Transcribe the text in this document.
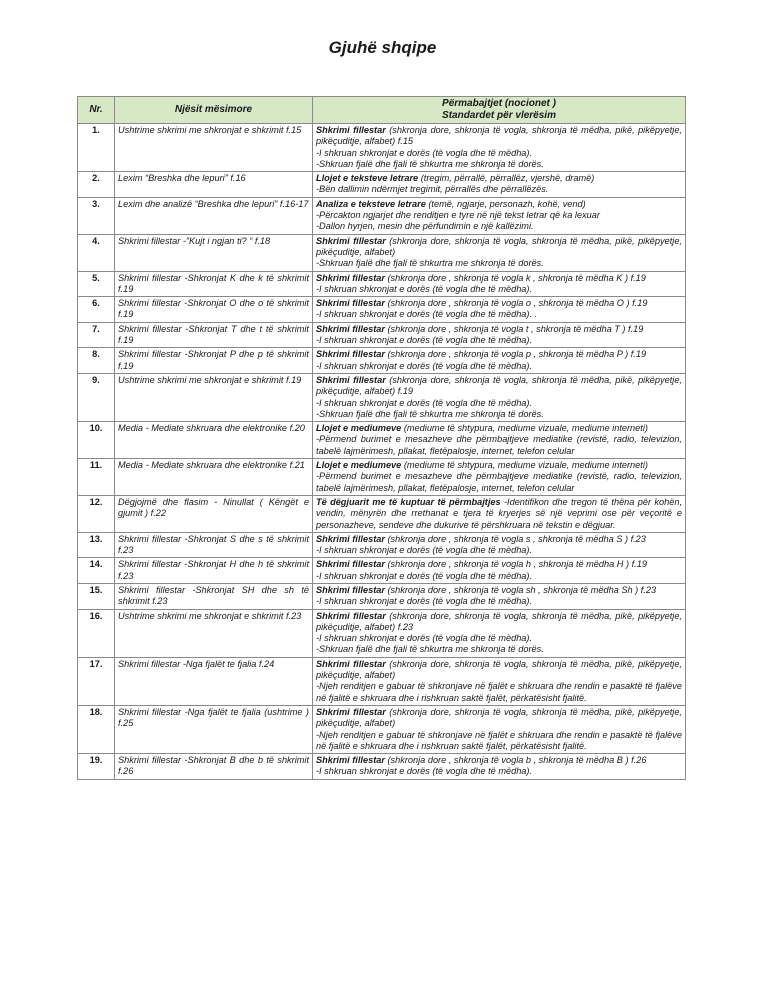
Gjuhë shqipe
Nr.	Njësit mësimore	Përmabajtjet (nocionet )
Standardet për vlerësim

1.	Ushtrime shkrimi me shkronjat e shkrimit f.15	Shkrimi fillestar (shkronja dore, shkronja të vogla, shkronja të mëdha, pikë, pikëpyetje, pikëçuditje, alfabet) f.15
-I shkruan shkronjat e dorës (të vogla dhe të mëdha).
-Shkruan fjalë dhe fjali të shkurtra me shkronja të dorës.

2.	Lexim “Breshka dhe lepuri” f.16	Llojet e teksteve letrare (tregim, përrallë, përrallëz, vjershë, dramë)
-Bën dallimin ndërmjet tregimit, përrallës dhe përrallëzës.

3.	Lexim dhe analizë “Breshka dhe lepuri” f.16-17	Analiza e teksteve letrare (temë, ngjarje, personazh, kohë, vend)
-Përcakton ngjarjet dhe renditjen e tyre në një tekst letrar që ka lexuar
-Dallon hyrjen, mesin dhe përfundimin e një kallëzimi.

4.	Shkrimi fillestar -”Kujt i ngjan ti? “ f.18	Shkrimi fillestar (shkronja dore, shkronja të vogla, shkronja të mëdha, pikë, pikëpyetje, pikëçuditje, alfabet)
-Shkruan fjalë dhe fjali të shkurtra me shkronja të dorës.

5.	Shkrimi fillestar -Shkronjat K dhe k të shkrimit f.19	Shkrimi fillestar (shkronja dore , shkronja të vogla k , shkronja të mëdha K ) f.19
-I shkruan shkronjat e dorës (të vogla dhe të mëdha).

6.	Shkrimi fillestar -Shkronjat O dhe o të shkrimit f.19	Shkrimi fillestar (shkronja dore , shkronja të vogla o , shkronja të mëdha O ) f.19
-I shkruan shkronjat e dorës (të vogla dhe të mëdha). .

7.	Shkrimi fillestar -Shkronjat T dhe t të shkrimit f.19	Shkrimi fillestar (shkronja dore , shkronja të vogla t , shkronja të mëdha T ) f.19
-I shkruan shkronjat e dorës (të vogla dhe të mëdha).

8.	Shkrimi fillestar -Shkronjat P dhe p të shkrimit f.19	Shkrimi fillestar (shkronja dore , shkronja të vogla p , shkronja të mëdha P ) f.19
-I shkruan shkronjat e dorës (të vogla dhe të mëdha).

9.	Ushtrime shkrimi me shkronjat e shkrimit f.19	Shkrimi fillestar (shkronja dore, shkronja të vogla, shkronja të mëdha, pikë, pikëpyetje, pikëçuditje, alfabet) f.19
-I shkruan shkronjat e dorës (të vogla dhe të mëdha).
-Shkruan fjalë dhe fjali të shkurtra me shkronja të dorës.

10.	Media - Mediate shkruara dhe elektronike f.20	Llojet e mediumeve (mediume të shtypura, mediume vizuale, mediume interneti)
-Përmend burimet e mesazheve dhe përmbajtjeve mediatike (revistë, radio, televizion, tabelë lajmërimesh, pllakat, fletëpalosje, internet, telefon celular

11.	Media - Mediate shkruara dhe elektronike f.21	Llojet e mediumeve (mediume të shtypura, mediume vizuale, mediume interneti)
-Përmend burimet e mesazheve dhe përmbajtjeve mediatike (revistë, radio, televizion, tabelë lajmërimesh, pllakat, fletëpalosje, internet, telefon celular

12.	Dëgjojmë dhe flasim - Ninullat ( Këngët e gjumit ) f.22	Të dëgjuarit me të kuptuar të përmbajtjes -Identifikon dhe tregon të thëna për kohën, vendin, mënyrën dhe rrethanat e tjera të kryerjes së një veprimi ose për veçoritë e personazheve, sendeve dhe dukurive të përshkruara në tekstin e dëgjuar.

13.	Shkrimi fillestar -Shkronjat S dhe s të shkrimit f.23	Shkrimi fillestar (shkronja dore , shkronja të vogla s , shkronja të mëdha S ) f.23
-I shkruan shkronjat e dorës (të vogla dhe të mëdha).

14.	Shkrimi fillestar -Shkronjat H dhe h të shkrimit f.23	Shkrimi fillestar (shkronja dore , shkronja të vogla h , shkronja të mëdha H ) f.19
-I shkruan shkronjat e dorës (të vogla dhe të mëdha).

15.	Shkrimi fillestar -Shkronjat SH dhe sh të shkrimit f.23	Shkrimi fillestar (shkronja dore , shkronja të vogla sh , shkronja të mëdha Sh ) f.23
-I shkruan shkronjat e dorës (të vogla dhe të mëdha).

16.	Ushtrime shkrimi me shkronjat e shkrimit f.23	Shkrimi fillestar (shkronja dore, shkronja të vogla, shkronja të mëdha, pikë, pikëpyetje, pikëçuditje, alfabet) f.23
-I shkruan shkronjat e dorës (të vogla dhe të mëdha).
-Shkruan fjalë dhe fjali të shkurtra me shkronja të dorës.

17.	Shkrimi fillestar -Nga fjalët te fjalia f.24	Shkrimi fillestar (shkronja dore, shkronja të vogla, shkronja të mëdha, pikë, pikëpyetje, pikëçuditje, alfabet)
-Njeh renditjen e gabuar të shkronjave në fjalët e shkruara dhe rendin e pasaktë të fjalëve në fjalitë e shkruara dhe i rishkruan saktë fjalët, përkatësisht fjalitë.

18.	Shkrimi fillestar -Nga fjalët te fjalia (ushtrime ) f.25	Shkrimi fillestar (shkronja dore, shkronja të vogla, shkronja të mëdha, pikë, pikëpyetje, pikëçuditje, alfabet)
-Njeh renditjen e gabuar të shkronjave në fjalët e shkruara dhe rendin e pasaktë të fjalëve në fjalitë e shkruara dhe i rishkruan saktë fjalët, përkatësisht fjalitë.

19.	Shkrimi fillestar -Shkronjat B dhe b të shkrimit f.26	Shkrimi fillestar (shkronja dore , shkronja të vogla b , shkronja të mëdha B ) f.26
-I shkruan shkronjat e dorës (të vogla dhe të mëdha).
